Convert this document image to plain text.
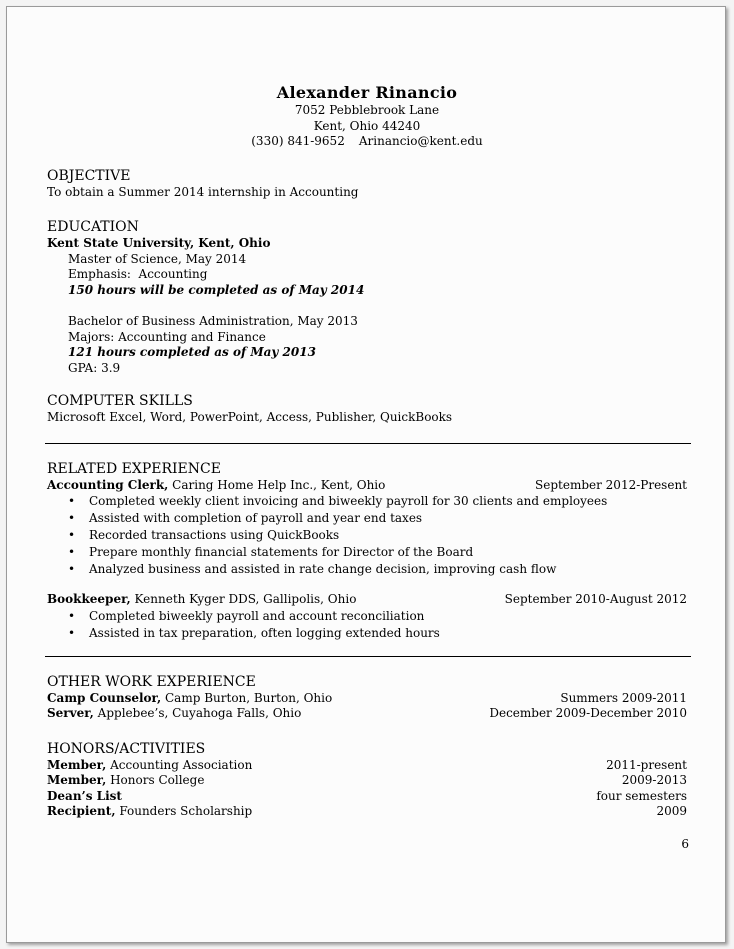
Alexander Rinancio
7052 Pebblebrook Lane
Kent, Ohio 44240
(330) 841-9652 Arinancio@kent.edu
OBJECTIVE
To obtain a Summer 2014 internship in Accounting
EDUCATION
Kent State University, Kent, Ohio
Master of Science, May 2014
Emphasis:  Accounting
150 hours will be completed as of May 2014
Bachelor of Business Administration, May 2013
Majors: Accounting and Finance
121 hours completed as of May 2013
GPA: 3.9
COMPUTER SKILLS
Microsoft Excel, Word, PowerPoint, Access, Publisher, QuickBooks
RELATED EXPERIENCE
Accounting Clerk, Caring Home Help Inc., Kent, Ohio	September 2012-Present
• Completed weekly client invoicing and biweekly payroll for 30 clients and employees
• Assisted with completion of payroll and year end taxes
• Recorded transactions using QuickBooks
• Prepare monthly financial statements for Director of the Board
• Analyzed business and assisted in rate change decision, improving cash flow
Bookkeeper, Kenneth Kyger DDS, Gallipolis, Ohio	September 2010-August 2012
• Completed biweekly payroll and account reconciliation
• Assisted in tax preparation, often logging extended hours
OTHER WORK EXPERIENCE
Camp Counselor, Camp Burton, Burton, Ohio	Summers 2009-2011
Server, Applebee’s, Cuyahoga Falls, Ohio	December 2009-December 2010
HONORS/ACTIVITIES
Member, Accounting Association	2011-present
Member, Honors College	2009-2013
Dean’s List	four semesters
Recipient, Founders Scholarship	2009
6
